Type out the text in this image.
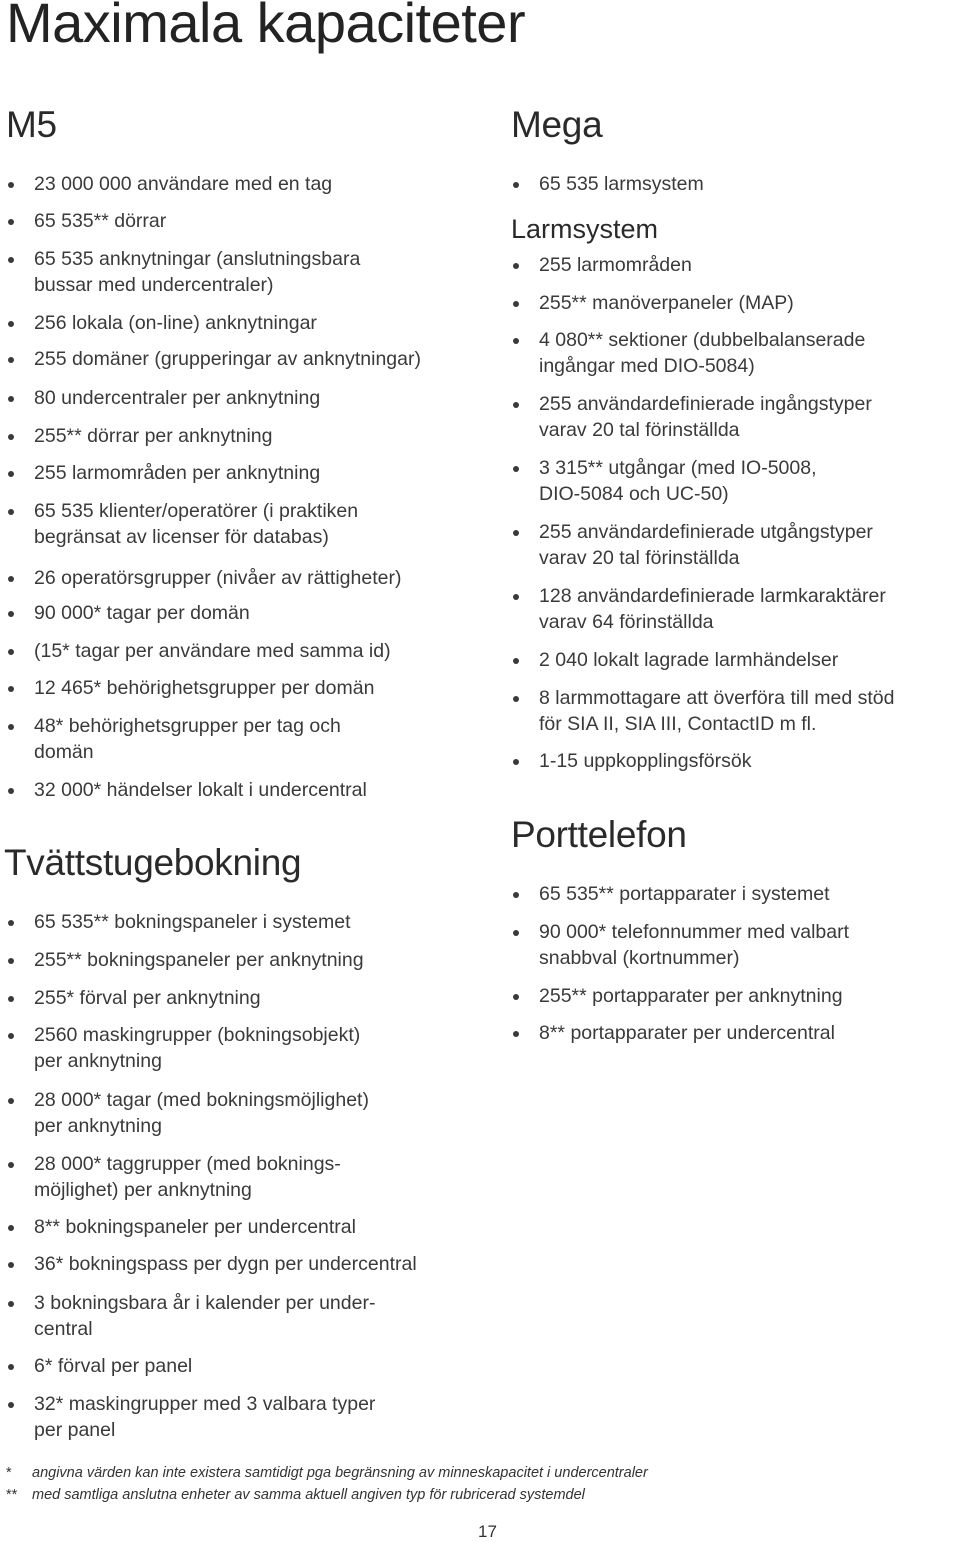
Maximala kapaciteter
M5
23 000 000 användare med en tag
65 535** dörrar
65 535 anknytningar (anslutningsbara
bussar med undercentraler)
256 lokala (on-line) anknytningar
255 domäner (grupperingar av anknytningar)
80 undercentraler per anknytning
255** dörrar per anknytning
255 larmområden per anknytning
65 535 klienter/operatörer (i praktiken
begränsat av licenser för databas)
26 operatörsgrupper (nivåer av rättigheter)
90 000* tagar per domän
(15* tagar per användare med samma id)
12 465* behörighetsgrupper per domän
48* behörighetsgrupper per tag och
domän
32 000* händelser lokalt i undercentral
Tvättstugebokning
65 535** bokningspaneler i systemet
255** bokningspaneler per anknytning
255* förval per anknytning
2560 maskingrupper (bokningsobjekt)
per anknytning
28 000* tagar (med bokningsmöjlighet)
per anknytning
28 000* taggrupper (med boknings-
möjlighet) per anknytning
8** bokningspaneler per undercentral
36* bokningspass per dygn per undercentral
3 bokningsbara år i kalender per under-
central
6* förval per panel
32* maskingrupper med 3 valbara typer
per panel
Mega
65 535 larmsystem
Larmsystem
255 larmområden
255** manöverpaneler (MAP)
4 080** sektioner (dubbelbalanserade
ingångar med DIO-5084)
255 användardefinierade ingångstyper
varav 20 tal förinställda
3 315** utgångar (med IO-5008,
DIO-5084 och UC-50)
255 användardefinierade utgångstyper
varav 20 tal förinställda
128 användardefinierade larmkaraktärer
varav 64 förinställda
2 040 lokalt lagrade larmhändelser
8 larmmottagare att överföra till med stöd
för SIA II, SIA III, ContactID m fl.
1-15 uppkopplingsförsök
Porttelefon
65 535** portapparater i systemet
90 000* telefonnummer med valbart
snabbval (kortnummer)
255** portapparater per anknytning
8** portapparater per undercentral
* angivna värden kan inte existera samtidigt pga begränsning av minneskapacitet i undercentraler
** med samtliga anslutna enheter av samma aktuell angiven typ för rubricerad systemdel
17
